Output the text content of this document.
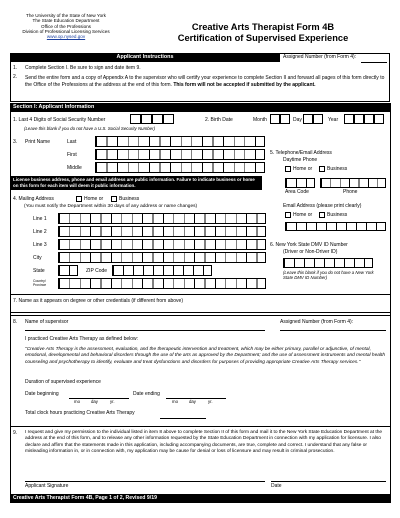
The University of the State of New York
The State Education Department
Office of the Professions
Division of Professional Licensing Services
www.op.nysed.gov
Creative Arts Therapist Form 4B
Certification of Supervised Experience
Applicant Instructions	Assigned Number (from Form 4):
1. Complete Section I. Be sure to sign and date item 9.
2. Send the entire form and a copy of Appendix A to the supervisor who will certify your experience to complete Section II and forward all pages of this form directly to the Office of the Professions at the address at the end of this form. This form will not be accepted if submitted by the applicant.
Section I: Applicant Information
1. Last 4 Digits of Social Security Number
(Leave this blank if you do not have a U.S. Social Security Number)
2. Birth Date	Month	Day	Year
3. Print Name	Last
First
Middle
5. Telephone/Email Address
Daytime Phone
Home or	Business
License business address, phone and email address are public information. Failure to indicate business or home on this form for each item will deem it public information.
Area Code	Phone
4. Mailing Address	Home or	Business
(You must notify the Department within 30 days of any address or name changes)	Email Address (please print clearly)
Home or	Business
Line 1
Line 2
Line 3
City
State	ZIP Code
Country/ Province
6. New York State DMV ID Number
(Driver or Non-Driver ID)
(Leave this blank if you do not have a New York State DMV ID Number)
7. Name as it appears on degree or other credentials (if different from above)
8. Name of supervisor	Assigned Number (from Form 4):
I practiced Creative Arts Therapy as defined below:
"Creative Arts Therapy is the assessment, evaluation, and the therapeutic intervention and treatment, which may be either primary, parallel or adjunctive, of mental, emotional, developmental and behavioral disorders through the use of the arts as approved by the Department; and the use of assessment instruments and mental health counseling and psychotherapy to identify, evaluate and treat dysfunctions and disorders for purposes of providing appropriate Creative Arts Therapy services."
Duration of supervised experience
Date beginning
mo	day	yr.
Date ending
mo	day	yr.
Total clock hours practicing Creative Arts Therapy
9. I request and give my permission to the individual listed in item 8 above to complete Section II of this form and mail it to the New York State Education Department at the address at the end of this form, and to release any other information requested by the State Education Department in connection with my application for licensure. I also declare and affirm that the statements made in this application, including accompanying documents, are true, complete and correct. I understand that any false or misleading information in, or in connection with, my application may be cause for denial or loss of licensure and may result in criminal prosecution.
Applicant Signature	Date
Creative Arts Therapist Form 4B, Page 1 of 2, Revised 9/19
